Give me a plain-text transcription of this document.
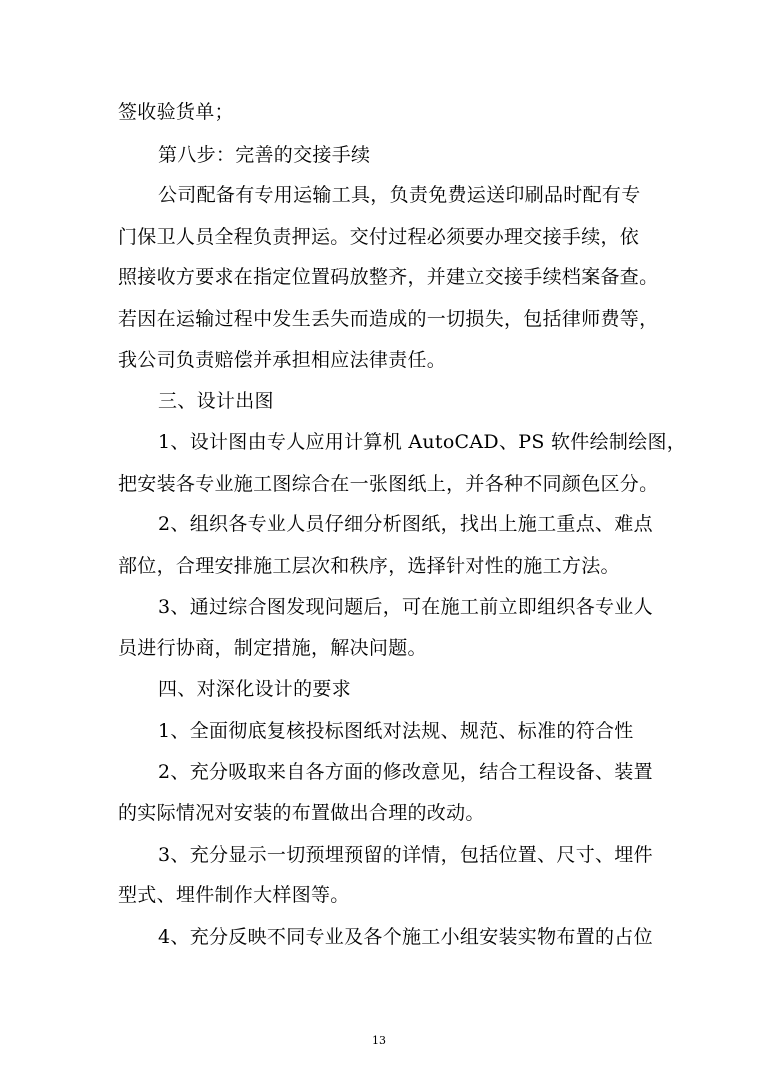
签收验货单；
第八步：完善的交接手续
公司配备有专用运输工具，负责免费运送印刷品时配有专
门保卫人员全程负责押运。交付过程必须要办理交接手续，依
照接收方要求在指定位置码放整齐，并建立交接手续档案备查。
若因在运输过程中发生丢失而造成的一切损失，包括律师费等，
我公司负责赔偿并承担相应法律责任。
三、设计出图
1、设计图由专人应用计算机 AutoCAD、PS 软件绘制绘图，
把安装各专业施工图综合在一张图纸上，并各种不同颜色区分。
2、组织各专业人员仔细分析图纸，找出上施工重点、难点
部位，合理安排施工层次和秩序，选择针对性的施工方法。
3、通过综合图发现问题后，可在施工前立即组织各专业人
员进行协商，制定措施，解决问题。
四、对深化设计的要求
1、全面彻底复核投标图纸对法规、规范、标准的符合性
2、充分吸取来自各方面的修改意见，结合工程设备、装置
的实际情况对安装的布置做出合理的改动。
3、充分显示一切预埋预留的详情，包括位置、尺寸、埋件
型式、埋件制作大样图等。
4、充分反映不同专业及各个施工小组安装实物布置的占位
13
